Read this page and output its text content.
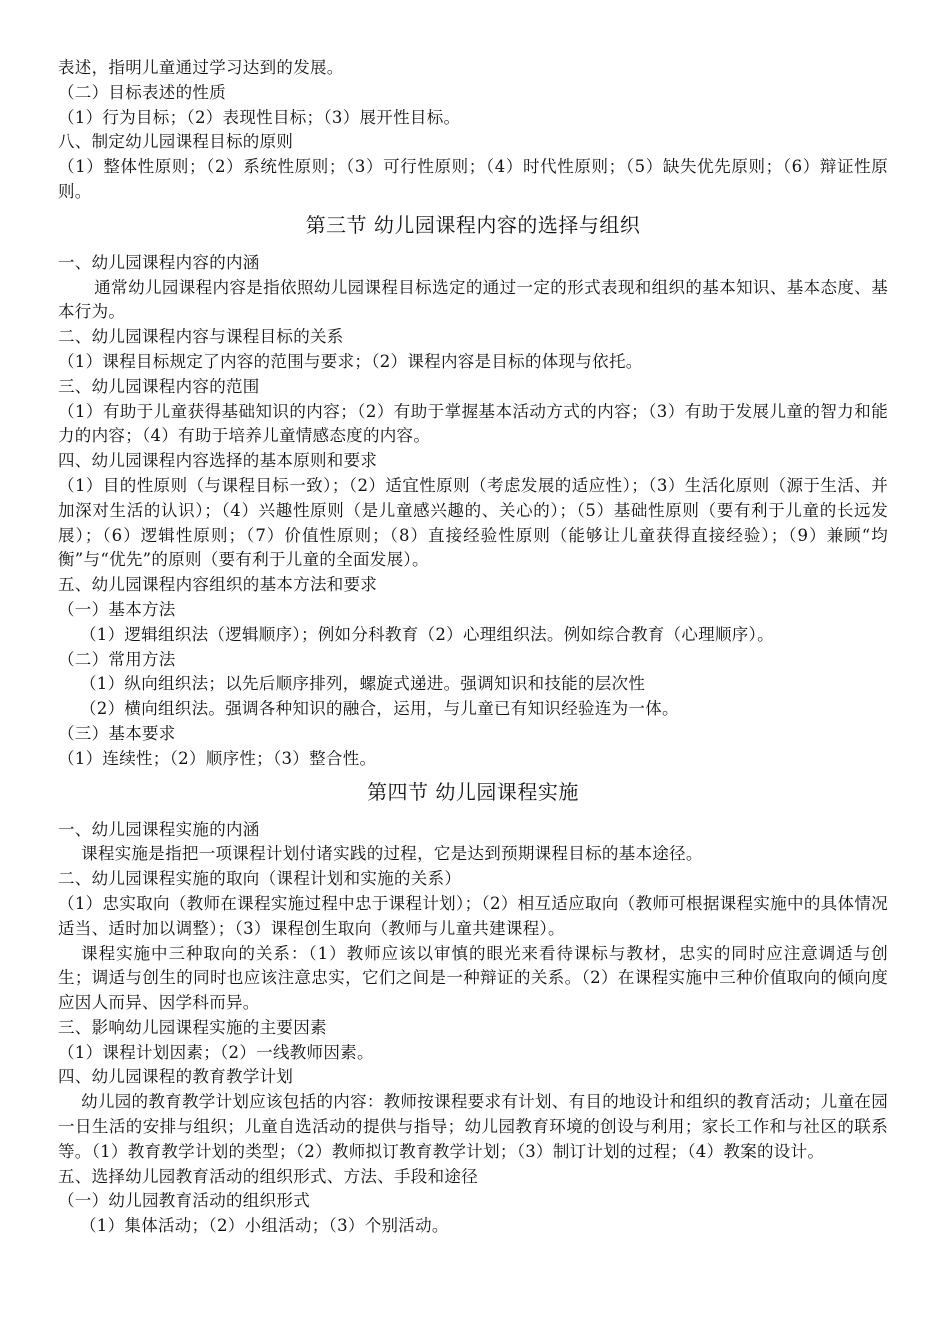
表述，指明儿童通过学习达到的发展。
（二）目标表述的性质
（1）行为目标；（2）表现性目标；（3）展开性目标。
八、制定幼儿园课程目标的原则
（1）整体性原则；（2）系统性原则；（3）可行性原则；（4）时代性原则；（5）缺失优先原则；（6）辩证性原则。
第三节 幼儿园课程内容的选择与组织
一、幼儿园课程内容的内涵
通常幼儿园课程内容是指依照幼儿园课程目标选定的通过一定的形式表现和组织的基本知识、基本态度、基本行为。
二、幼儿园课程内容与课程目标的关系
（1）课程目标规定了内容的范围与要求；（2）课程内容是目标的体现与依托。
三、幼儿园课程内容的范围
（1）有助于儿童获得基础知识的内容；（2）有助于掌握基本活动方式的内容；（3）有助于发展儿童的智力和能力的内容；（4）有助于培养儿童情感态度的内容。
四、幼儿园课程内容选择的基本原则和要求
（1）目的性原则（与课程目标一致）；（2）适宜性原则（考虑发展的适应性）；（3）生活化原则（源于生活、并加深对生活的认识）；（4）兴趣性原则（是儿童感兴趣的、关心的）；（5）基础性原则（要有利于儿童的长远发展）；（6）逻辑性原则；（7）价值性原则；（8）直接经验性原则（能够让儿童获得直接经验）；（9）兼顾“均衡”与“优先”的原则（要有利于儿童的全面发展）。
五、幼儿园课程内容组织的基本方法和要求
（一）基本方法
（1）逻辑组织法（逻辑顺序）；例如分科教育（2）心理组织法。例如综合教育（心理顺序）。
（二）常用方法
（1）纵向组织法；以先后顺序排列，螺旋式递进。强调知识和技能的层次性
（2）横向组织法。强调各种知识的融合，运用，与儿童已有知识经验连为一体。
（三）基本要求
（1）连续性；（2）顺序性；（3）整合性。
第四节 幼儿园课程实施
一、幼儿园课程实施的内涵
课程实施是指把一项课程计划付诸实践的过程，它是达到预期课程目标的基本途径。
二、幼儿园课程实施的取向（课程计划和实施的关系）
（1）忠实取向（教师在课程实施过程中忠于课程计划）；（2）相互适应取向（教师可根据课程实施中的具体情况适当、适时加以调整）；（3）课程创生取向（教师与儿童共建课程）。
课程实施中三种取向的关系：（1）教师应该以审慎的眼光来看待课标与教材，忠实的同时应注意调适与创生；调适与创生的同时也应该注意忠实，它们之间是一种辩证的关系。（2）在课程实施中三种价值取向的倾向度应因人而异、因学科而异。
三、影响幼儿园课程实施的主要因素
（1）课程计划因素；（2）一线教师因素。
四、幼儿园课程的教育教学计划
幼儿园的教育教学计划应该包括的内容：教师按课程要求有计划、有目的地设计和组织的教育活动；儿童在园一日生活的安排与组织；儿童自选活动的提供与指导；幼儿园教育环境的创设与利用；家长工作和与社区的联系等。（1）教育教学计划的类型；（2）教师拟订教育教学计划；（3）制订计划的过程；（4）教案的设计。
五、选择幼儿园教育活动的组织形式、方法、手段和途径
（一）幼儿园教育活动的组织形式
（1）集体活动；（2）小组活动；（3）个别活动。
